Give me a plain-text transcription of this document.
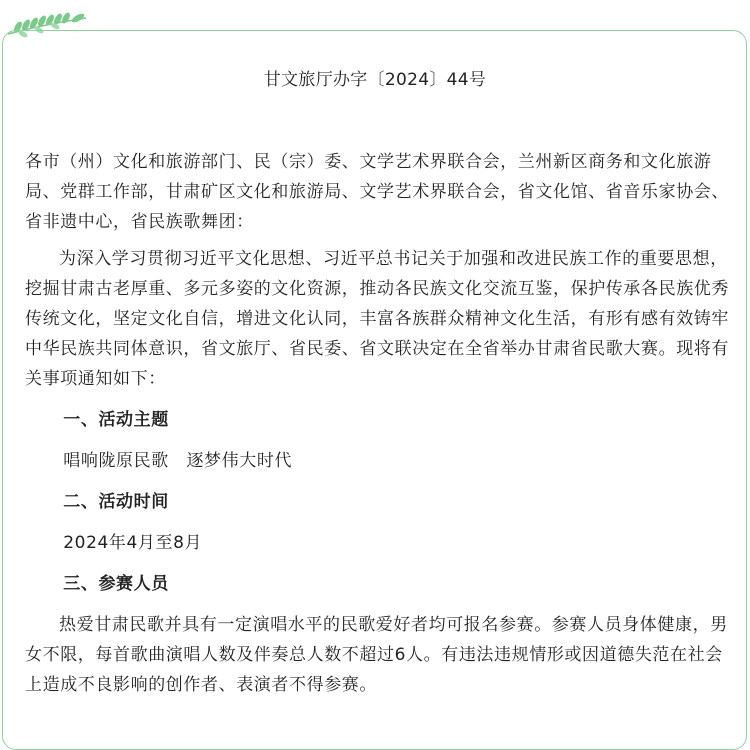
甘文旅厅办字〔2024〕44号

各市（州）文化和旅游部门、民（宗）委、文学艺术界联合会，兰州新区商务和文化旅游局、党群工作部，甘肃矿区文化和旅游局、文学艺术界联合会，省文化馆、省音乐家协会、省非遗中心，省民族歌舞团：

为深入学习贯彻习近平文化思想、习近平总书记关于加强和改进民族工作的重要思想，挖掘甘肃古老厚重、多元多姿的文化资源，推动各民族文化交流互鉴，保护传承各民族优秀传统文化，坚定文化自信，增进文化认同，丰富各族群众精神文化生活，有形有感有效铸牢中华民族共同体意识，省文旅厅、省民委、省文联决定在全省举办甘肃省民歌大赛。现将有关事项通知如下：

一、活动主题

唱响陇原民歌　逐梦伟大时代

二、活动时间

2024年4月至8月

三、参赛人员

热爱甘肃民歌并具有一定演唱水平的民歌爱好者均可报名参赛。参赛人员身体健康，男女不限，每首歌曲演唱人数及伴奏总人数不超过6人。有违法违规情形或因道德失范在社会上造成不良影响的创作者、表演者不得参赛。
